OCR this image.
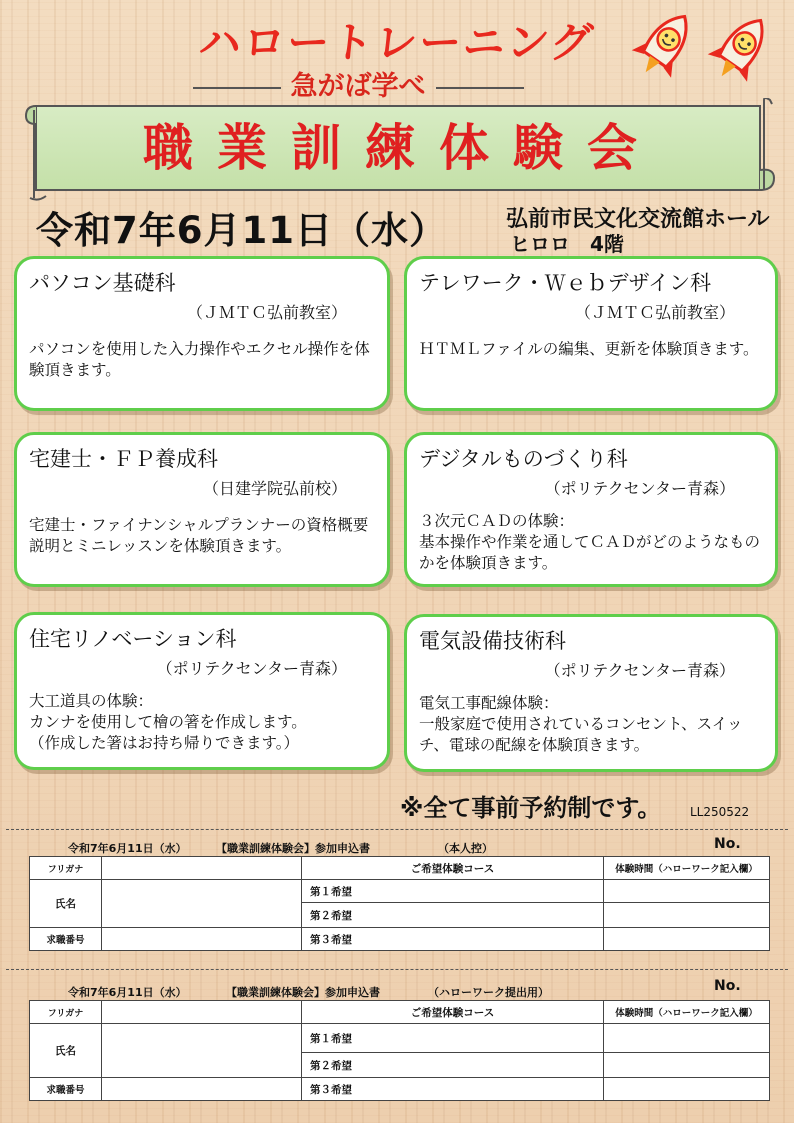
ハロートレーニング
急がば学べ
職業訓練体験会
令和7年6月11日（水）	弘前市民文化交流館ホール
ヒロロ　4階
パソコン基礎科
（ＪＭＴＣ弘前教室）
パソコンを使用した入力操作やエクセル操作を体験頂きます。
テレワーク・Ｗｅｂデザイン科
（ＪＭＴＣ弘前教室）
ＨＴＭＬファイルの編集、更新を体験頂きます。
宅建士・ＦＰ養成科
（日建学院弘前校）
宅建士・ファイナンシャルプランナーの資格概要説明とミニレッスンを体験頂きます。
デジタルものづくり科
（ポリテクセンター青森）
３次元ＣＡＤの体験：
基本操作や作業を通してＣＡＤがどのようなものかを体験頂きます。
住宅リノベーション科
（ポリテクセンター青森）
大工道具の体験：
カンナを使用して檜の箸を作成します。
（作成した箸はお持ち帰りできます。）
電気設備技術科
（ポリテクセンター青森）
電気工事配線体験：
一般家庭で使用されているコンセント、スイッチ、電球の配線を体験頂きます。
※全て事前予約制です。 LL250522
令和7年6月11日（水）	【職業訓練体験会】参加申込書	（本人控）	No.
フリガナ		ご希望体験コース	体験時間（ハローワーク記入欄）
氏名		第１希望	
		第２希望	
求職番号		第３希望	
令和7年6月11日（水）	【職業訓練体験会】参加申込書	（ハローワーク提出用）	No.
フリガナ		ご希望体験コース	体験時間（ハローワーク記入欄）
氏名		第１希望	
		第２希望	
求職番号		第３希望	
